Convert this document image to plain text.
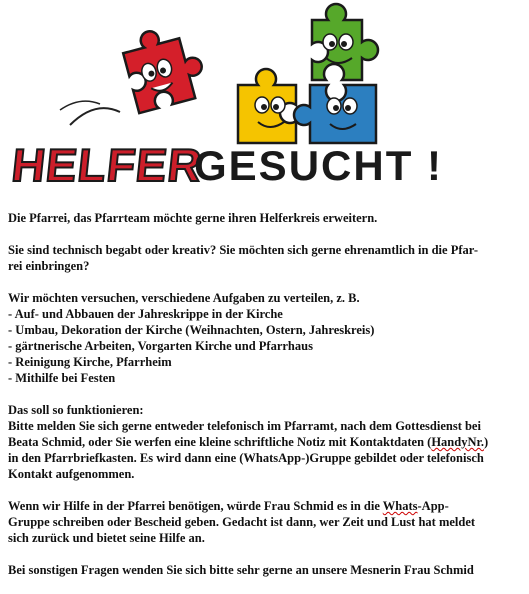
HELFER
GESUCHT !

Die Pfarrei, das Pfarrteam möchte gerne ihren Helferkreis erweitern.

Sie sind technisch begabt oder kreativ? Sie möchten sich gerne ehrenamtlich in die Pfar-
rei einbringen?

Wir möchten versuchen, verschiedene Aufgaben zu verteilen, z. B.
- Auf- und Abbauen der Jahreskrippe in der Kirche
- Umbau, Dekoration der Kirche (Weihnachten, Ostern, Jahreskreis)
- gärtnerische Arbeiten, Vorgarten Kirche und Pfarrhaus
- Reinigung Kirche, Pfarrheim
- Mithilfe bei Festen

Das soll so funktionieren:
Bitte melden Sie sich gerne entweder telefonisch im Pfarramt, nach dem Gottesdienst bei
Beata Schmid, oder Sie werfen eine kleine schriftliche Notiz mit Kontaktdaten (HandyNr.)
in den Pfarrbriefkasten. Es wird dann eine (WhatsApp-)Gruppe gebildet oder telefonisch
Kontakt aufgenommen.

Wenn wir Hilfe in der Pfarrei benötigen, würde Frau Schmid es in die Whats-App-
Gruppe schreiben oder Bescheid geben. Gedacht ist dann, wer Zeit und Lust hat meldet
sich zurück und bietet seine Hilfe an.

Bei sonstigen Fragen wenden Sie sich bitte sehr gerne an unsere Mesnerin Frau Schmid
